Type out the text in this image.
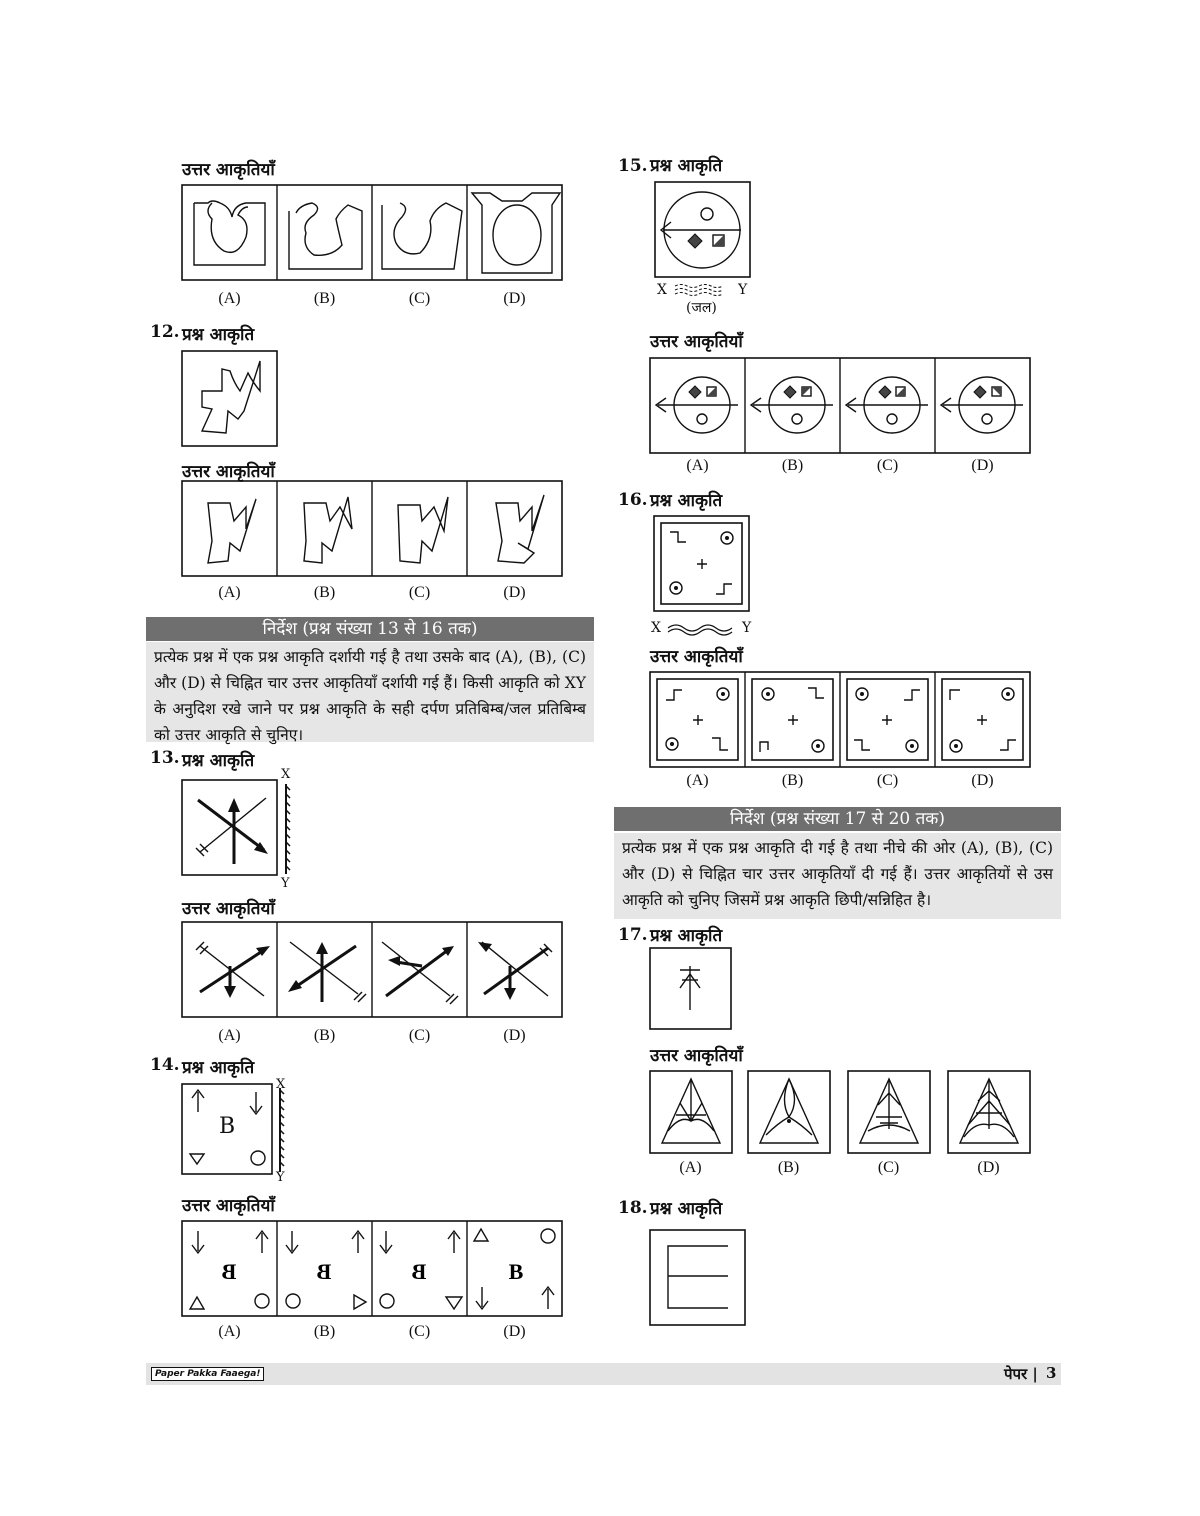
उत्तर आकृतियाँ
(A)	(B)	(C)	(D)
12. प्रश्न आकृति
उत्तर आकृतियाँ
(A)	(B)	(C)	(D)
निर्देश (प्रश्न संख्या 13 से 16 तक)
प्रत्येक प्रश्न में एक प्रश्न आकृति दर्शायी गई है तथा उसके बाद (A), (B), (C) और (D) से चिह्नित चार उत्तर आकृतियाँ दर्शायी गई हैं। किसी आकृति को XY के अनुदिश रखे जाने पर प्रश्न आकृति के सही दर्पण प्रतिबिम्ब/जल प्रतिबिम्ब को उत्तर आकृति से चुनिए।
13. प्रश्न आकृति
X
Y
उत्तर आकृतियाँ
(A)	(B)	(C)	(D)
14. प्रश्न आकृति
B
X
Y
उत्तर आकृतियाँ
B	B	B	B
(A)	(B)	(C)	(D)
15. प्रश्न आकृति
X	Y
(जल)
उत्तर आकृतियाँ
(A)	(B)	(C)	(D)
16. प्रश्न आकृति
X	Y
उत्तर आकृतियाँ
(A)	(B)	(C)	(D)
निर्देश (प्रश्न संख्या 17 से 20 तक)
प्रत्येक प्रश्न में एक प्रश्न आकृति दी गई है तथा नीचे की ओर (A), (B), (C) और (D) से चिह्नित चार उत्तर आकृतियाँ दी गई हैं। उत्तर आकृतियों से उस आकृति को चुनिए जिसमें प्रश्न आकृति छिपी/सन्निहित है।
17. प्रश्न आकृति
उत्तर आकृतियाँ
(A)	(B)	(C)	(D)
18. प्रश्न आकृति
Paper Pakka Faaega!	पेपर | 3
